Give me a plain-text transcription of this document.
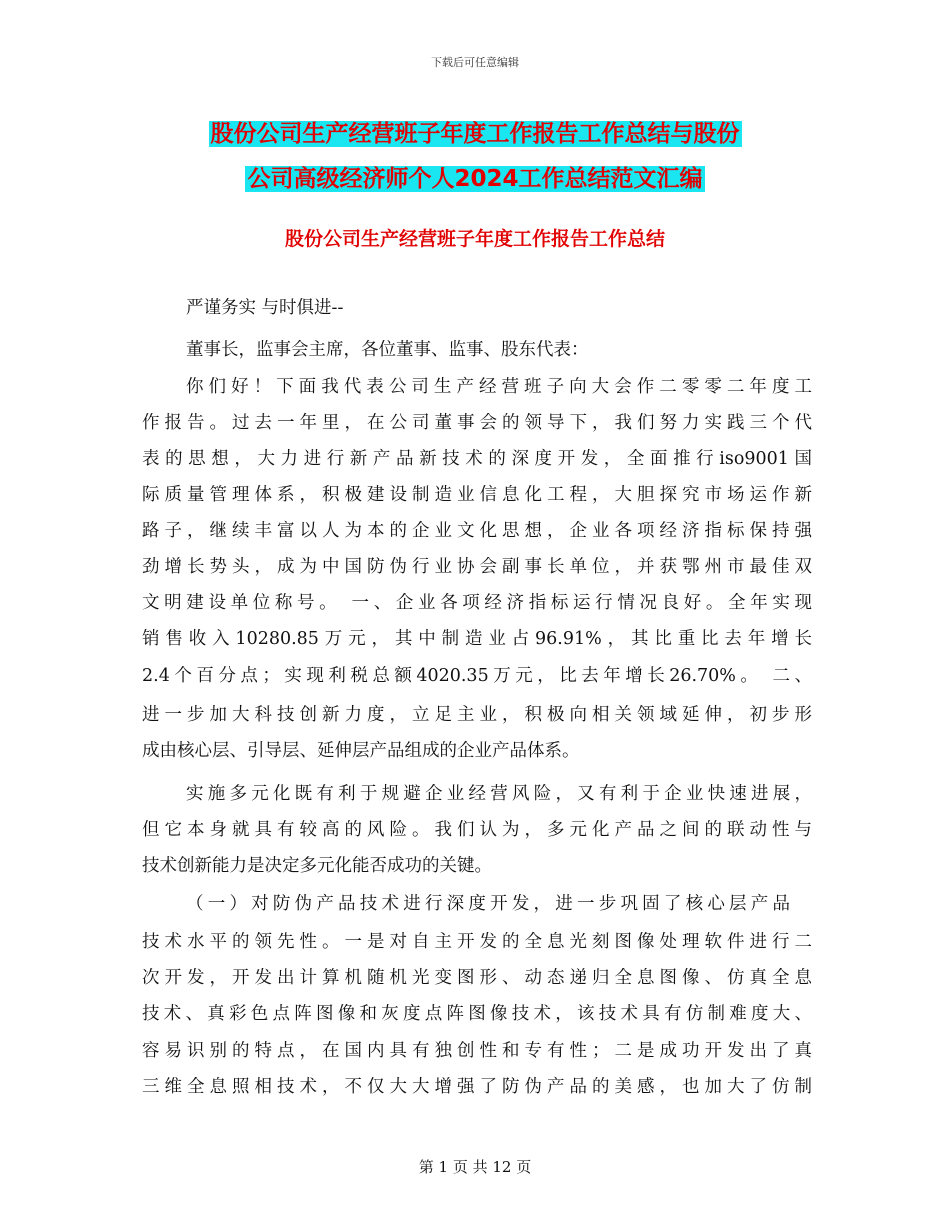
下载后可任意编辑
股份公司生产经营班子年度工作报告工作总结与股份
公司高级经济师个人2024工作总结范文汇编
股份公司生产经营班子年度工作报告工作总结
严谨务实 与时俱进--
董事长，监事会主席，各位董事、监事、股东代表：
你们好！下面我代表公司生产经营班子向大会作二零零二年度工
作报告。过去一年里，在公司董事会的领导下，我们努力实践三个代
表的思想，大力进行新产品新技术的深度开发，全面推行iso9001国
际质量管理体系，积极建设制造业信息化工程，大胆探究市场运作新
路子，继续丰富以人为本的企业文化思想，企业各项经济指标保持强
劲增长势头，成为中国防伪行业协会副事长单位，并获鄂州市最佳双
文明建设单位称号。 一、企业各项经济指标运行情况良好。全年实现
销售收入10280.85万元，其中制造业占96.91%，其比重比去年增长
2.4个百分点；实现利税总额4020.35万元，比去年增长26.70%。 二、
进一步加大科技创新力度，立足主业，积极向相关领域延伸，初步形
成由核心层、引导层、延伸层产品组成的企业产品体系。
实施多元化既有利于规避企业经营风险，又有利于企业快速进展，
但它本身就具有较高的风险。我们认为，多元化产品之间的联动性与
技术创新能力是决定多元化能否成功的关键。
（一）对防伪产品技术进行深度开发，进一步巩固了核心层产品
技术水平的领先性。一是对自主开发的全息光刻图像处理软件进行二
次开发，开发出计算机随机光变图形、动态递归全息图像、仿真全息
技术、真彩色点阵图像和灰度点阵图像技术，该技术具有仿制难度大、
容易识别的特点，在国内具有独创性和专有性；二是成功开发出了真
三维全息照相技术，不仅大大增强了防伪产品的美感，也加大了仿制
第 1 页 共 12 页
